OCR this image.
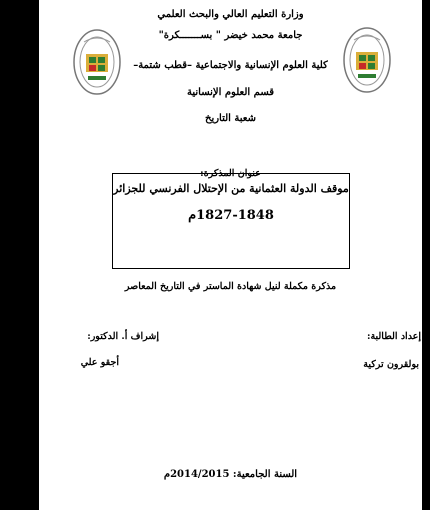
وزارة التعليم العالي والبحث العلمي
جامعة محمد خيضر " بســـــــكرة"
كلية العلوم الإنسانية والاجتماعية –قطب شتمة–
قسم العلوم الإنسانية
شعبة التاريخ
عنوان المذكرة:
موقف الدولة العثمانية من الإحتلال الفرنسي للجزائر
1827-1848م
مذكرة مكملة لنيل شهادة الماستر في التاريخ المعاصر
إعداد الطالبة:
إشراف أ. الدكتور:
بولقرون تركية
أجقو علي
السنة الجامعية: 2014/2015م
